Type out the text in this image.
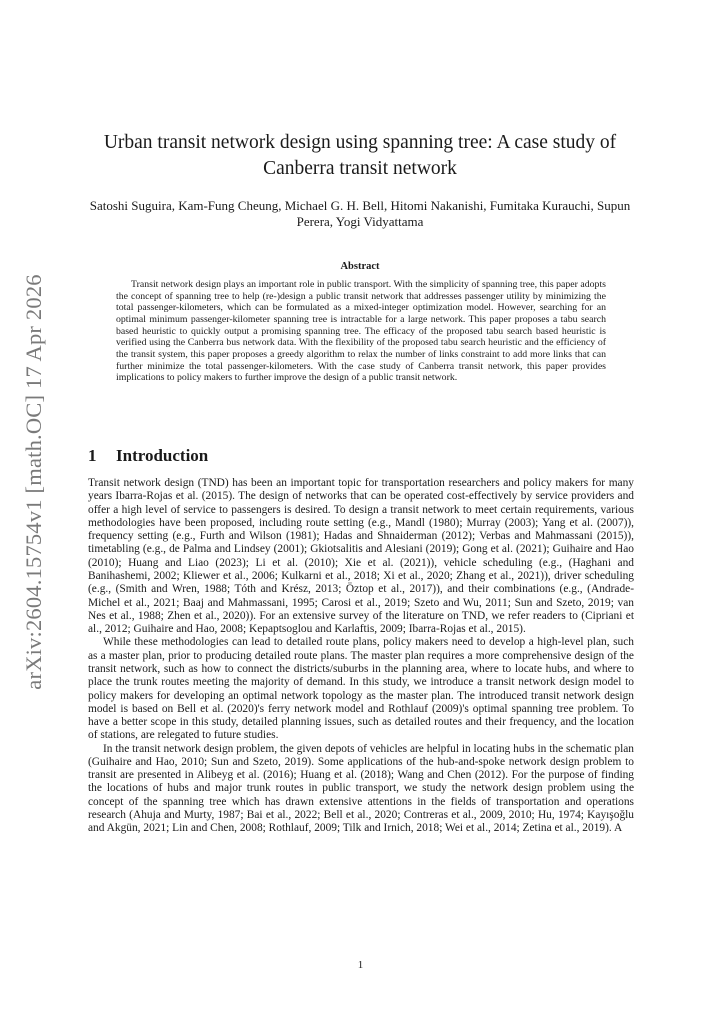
arXiv:2604.15754v1 [math.OC] 17 Apr 2026
Urban transit network design using spanning tree: A case study of Canberra transit network
Satoshi Suguira, Kam-Fung Cheung, Michael G. H. Bell, Hitomi Nakanishi, Fumitaka Kurauchi, Supun Perera, Yogi Vidyattama
Abstract

Transit network design plays an important role in public transport. With the simplicity of spanning tree, this paper adopts the concept of spanning tree to help (re-)design a public transit network that addresses passenger utility by minimizing the total passenger-kilometers, which can be formulated as a mixed-integer optimization model. However, searching for an optimal minimum passenger-kilometer spanning tree is intractable for a large network. This paper proposes a tabu search based heuristic to quickly output a promising spanning tree. The efficacy of the proposed tabu search based heuristic is verified using the Canberra bus network data. With the flexibility of the proposed tabu search heuristic and the efficiency of the transit system, this paper proposes a greedy algorithm to relax the number of links constraint to add more links that can further minimize the total passenger-kilometers. With the case study of Canberra transit network, this paper provides implications to policy makers to further improve the design of a public transit network.

1 Introduction

Transit network design (TND) has been an important topic for transportation researchers and policy makers for many years Ibarra-Rojas et al. (2015). The design of networks that can be operated cost-effectively by service providers and offer a high level of service to passengers is desired. To design a transit network to meet certain requirements, various methodologies have been proposed, including route setting (e.g., Mandl (1980); Murray (2003); Yang et al. (2007)), frequency setting (e.g., Furth and Wilson (1981); Hadas and Shnaiderman (2012); Verbas and Mahmassani (2015)), timetabling (e.g., de Palma and Lindsey (2001); Gkiotsalitis and Alesiani (2019); Gong et al. (2021); Guihaire and Hao (2010); Huang and Liao (2023); Li et al. (2010); Xie et al. (2021)), vehicle scheduling (e.g., (Haghani and Banihashemi, 2002; Kliewer et al., 2006; Kulkarni et al., 2018; Xi et al., 2020; Zhang et al., 2021)), driver scheduling (e.g., (Smith and Wren, 1988; Tóth and Krész, 2013; Öztop et al., 2017)), and their combinations (e.g., (Andrade-Michel et al., 2021; Baaj and Mahmassani, 1995; Carosi et al., 2019; Szeto and Wu, 2011; Sun and Szeto, 2019; van Nes et al., 1988; Zhen et al., 2020)). For an extensive survey of the literature on TND, we refer readers to (Cipriani et al., 2012; Guihaire and Hao, 2008; Kepaptsoglou and Karlaftis, 2009; Ibarra-Rojas et al., 2015).

While these methodologies can lead to detailed route plans, policy makers need to develop a high-level plan, such as a master plan, prior to producing detailed route plans. The master plan requires a more comprehensive design of the transit network, such as how to connect the districts/suburbs in the planning area, where to locate hubs, and where to place the trunk routes meeting the majority of demand. In this study, we introduce a transit network design model to policy makers for developing an optimal network topology as the master plan. The introduced transit network design model is based on Bell et al. (2020)'s ferry network model and Rothlauf (2009)'s optimal spanning tree problem. To have a better scope in this study, detailed planning issues, such as detailed routes and their frequency, and the location of stations, are relegated to future studies.

In the transit network design problem, the given depots of vehicles are helpful in locating hubs in the schematic plan (Guihaire and Hao, 2010; Sun and Szeto, 2019). Some applications of the hub-and-spoke network design problem to transit are presented in Alibeyg et al. (2016); Huang et al. (2018); Wang and Chen (2012). For the purpose of finding the locations of hubs and major trunk routes in public transport, we study the network design problem using the concept of the spanning tree which has drawn extensive attentions in the fields of transportation and operations research (Ahuja and Murty, 1987; Bai et al., 2022; Bell et al., 2020; Contreras et al., 2009, 2010; Hu, 1974; Kayışoğlu and Akgün, 2021; Lin and Chen, 2008; Rothlauf, 2009; Tilk and Irnich, 2018; Wei et al., 2014; Zetina et al., 2019). A

1
